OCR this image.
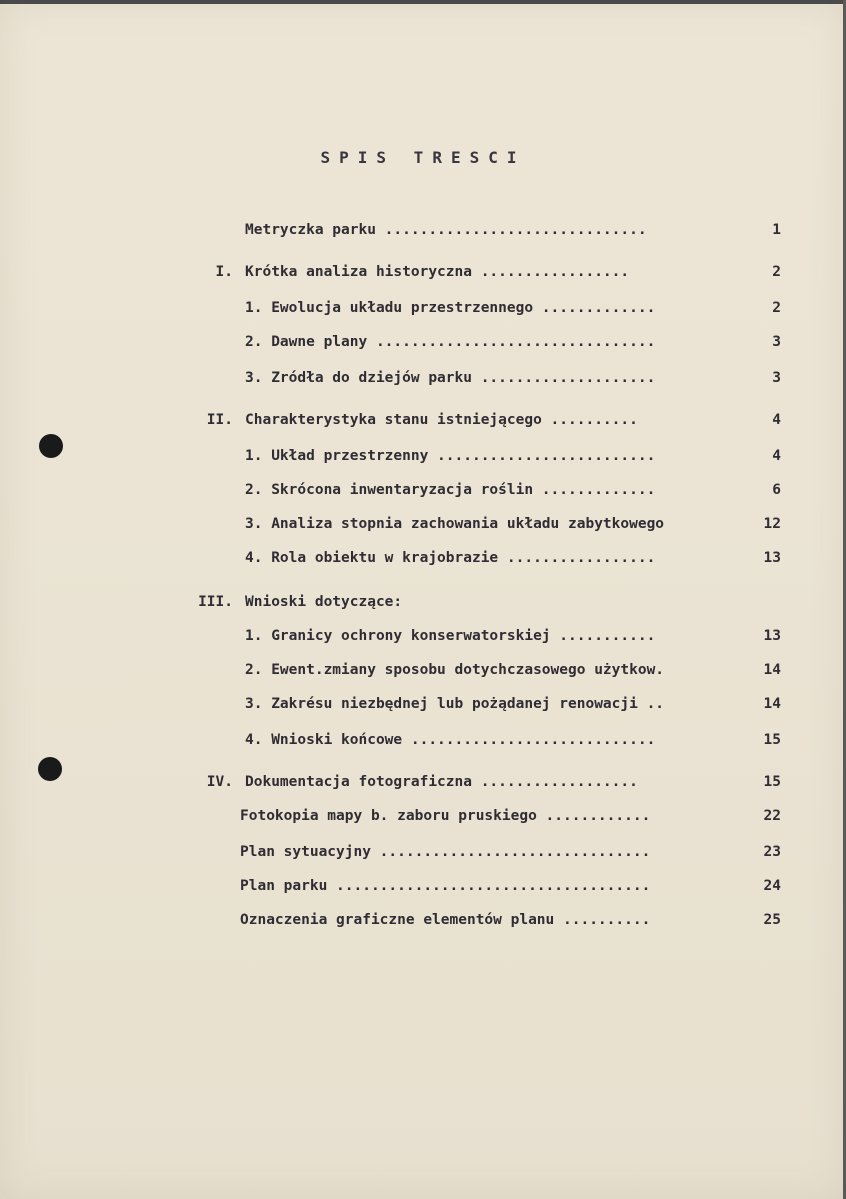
SPIS TRESCI
Metryczka parku ..............................	1
I. Krótka analiza historyczna .................	2
1. Ewolucja układu przestrzennego .............	2
2. Dawne plany ................................	3
3. Zródła do dziejów parku ....................	3
II. Charakterystyka stanu istniejącego ..........	4
1. Układ przestrzenny .........................	4
2. Skrócona inwentaryzacja roślin .............	6
3. Analiza stopnia zachowania układu zabytkowego	12
4. Rola obiektu w krajobrazie .................	13
III. Wnioski dotyczące:
1. Granicy ochrony konserwatorskiej ...........	13
2. Ewent.zmiany sposobu dotychczasowego użytkow.	14
3. Zakrésu niezbędnej lub pożądanej renowacji ..	14
4. Wnioski końcowe ............................	15
IV. Dokumentacja fotograficzna ..................	15
Fotokopia mapy b. zaboru pruskiego ............	22
Plan sytuacyjny ...............................	23
Plan parku ....................................	24
Oznaczenia graficzne elementów planu ..........	25
